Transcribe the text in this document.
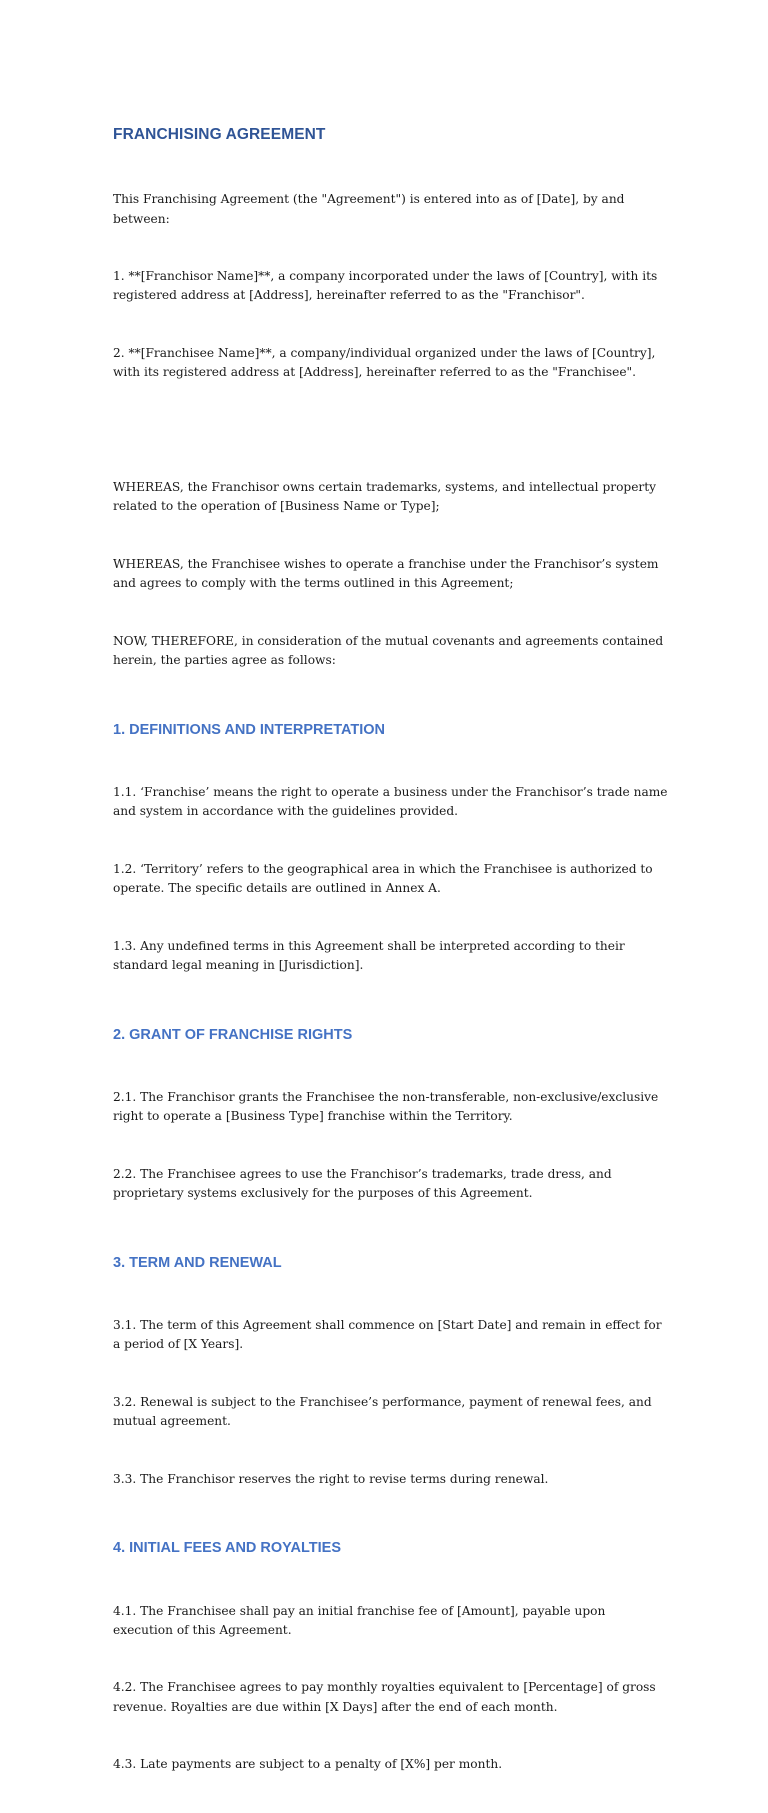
FRANCHISING AGREEMENT

This Franchising Agreement (the "Agreement") is entered into as of [Date], by and between:

1. **[Franchisor Name]**, a company incorporated under the laws of [Country], with its registered address at [Address], hereinafter referred to as the "Franchisor".

2. **[Franchisee Name]**, a company/individual organized under the laws of [Country], with its registered address at [Address], hereinafter referred to as the "Franchisee".

WHEREAS, the Franchisor owns certain trademarks, systems, and intellectual property related to the operation of [Business Name or Type];

WHEREAS, the Franchisee wishes to operate a franchise under the Franchisor’s system and agrees to comply with the terms outlined in this Agreement;

NOW, THEREFORE, in consideration of the mutual covenants and agreements contained herein, the parties agree as follows:

1. DEFINITIONS AND INTERPRETATION

1.1. ‘Franchise’ means the right to operate a business under the Franchisor’s trade name and system in accordance with the guidelines provided.

1.2. ‘Territory’ refers to the geographical area in which the Franchisee is authorized to operate. The specific details are outlined in Annex A.

1.3. Any undefined terms in this Agreement shall be interpreted according to their standard legal meaning in [Jurisdiction].

2. GRANT OF FRANCHISE RIGHTS

2.1. The Franchisor grants the Franchisee the non-transferable, non-exclusive/exclusive right to operate a [Business Type] franchise within the Territory.

2.2. The Franchisee agrees to use the Franchisor’s trademarks, trade dress, and proprietary systems exclusively for the purposes of this Agreement.

3. TERM AND RENEWAL

3.1. The term of this Agreement shall commence on [Start Date] and remain in effect for a period of [X Years].

3.2. Renewal is subject to the Franchisee’s performance, payment of renewal fees, and mutual agreement.

3.3. The Franchisor reserves the right to revise terms during renewal.

4. INITIAL FEES AND ROYALTIES

4.1. The Franchisee shall pay an initial franchise fee of [Amount], payable upon execution of this Agreement.

4.2. The Franchisee agrees to pay monthly royalties equivalent to [Percentage] of gross revenue. Royalties are due within [X Days] after the end of each month.

4.3. Late payments are subject to a penalty of [X%] per month.
